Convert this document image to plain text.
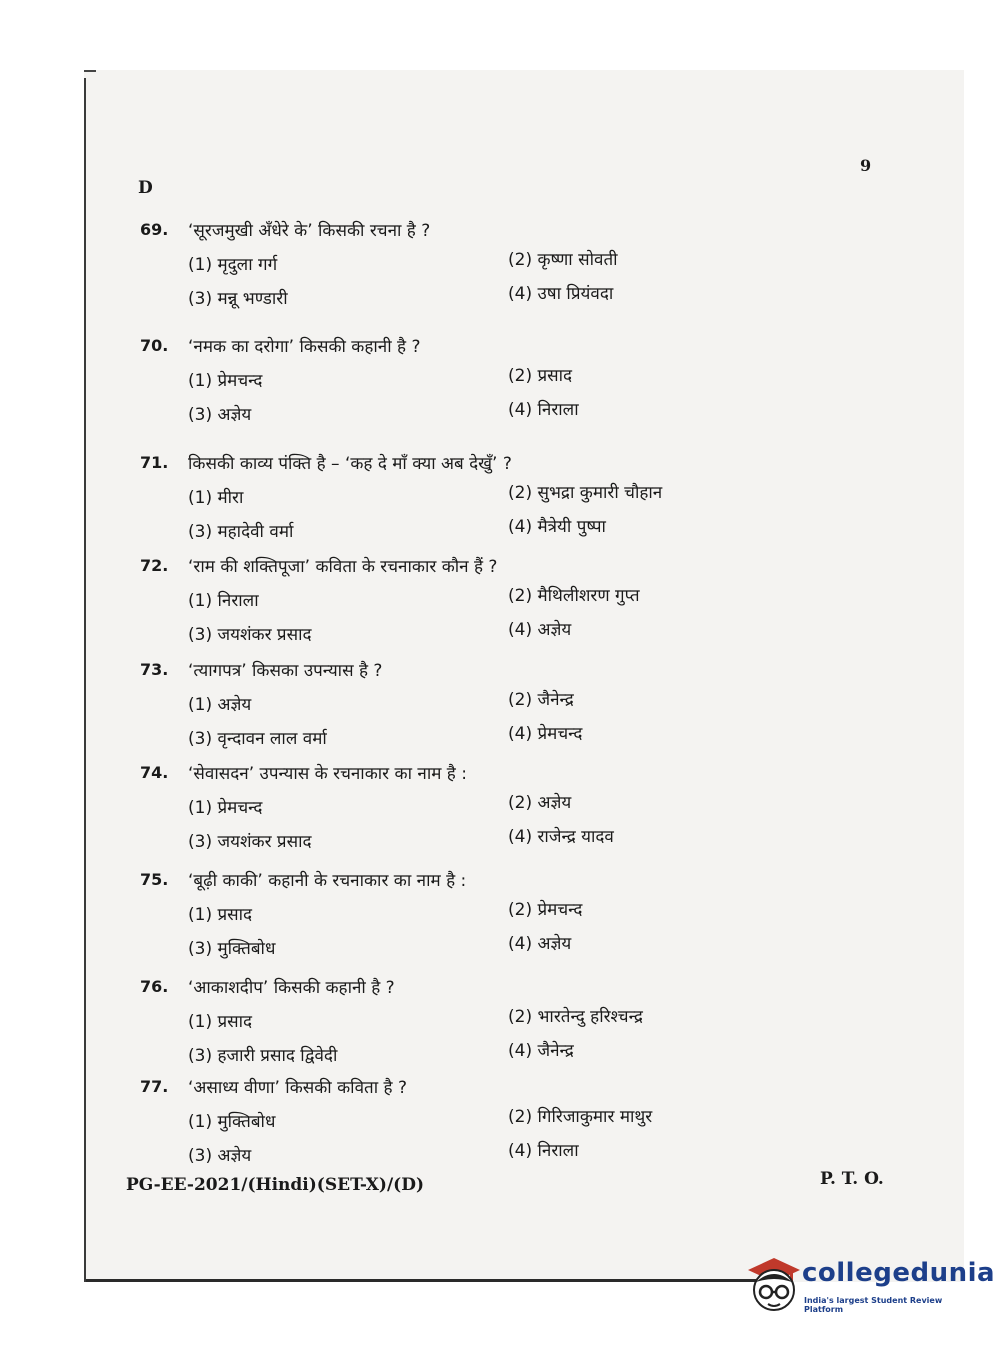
9
D
69. ‘सूरजमुखी अँधेरे के’ किसकी रचना है ?
(1) मृदुला गर्ग	(2) कृष्णा सोवती
(3) मन्नू भण्डारी	(4) उषा प्रियंवदा
70. ‘नमक का दरोगा’ किसकी कहानी है ?
(1) प्रेमचन्द	(2) प्रसाद
(3) अज्ञेय	(4) निराला
71. किसकी काव्य पंक्ति है – ‘कह दे माँ क्या अब देखुँ’ ?
(1) मीरा	(2) सुभद्रा कुमारी चौहान
(3) महादेवी वर्मा	(4) मैत्रेयी पुष्पा
72. ‘राम की शक्तिपूजा’ कविता के रचनाकार कौन हैं ?
(1) निराला	(2) मैथिलीशरण गुप्त
(3) जयशंकर प्रसाद	(4) अज्ञेय
73. ‘त्यागपत्र’ किसका उपन्यास है ?
(1) अज्ञेय	(2) जैनेन्द्र
(3) वृन्दावन लाल वर्मा	(4) प्रेमचन्द
74. ‘सेवासदन’ उपन्यास के रचनाकार का नाम है :
(1) प्रेमचन्द	(2) अज्ञेय
(3) जयशंकर प्रसाद	(4) राजेन्द्र यादव
75. ‘बूढ़ी काकी’ कहानी के रचनाकार का नाम है :
(1) प्रसाद	(2) प्रेमचन्द
(3) मुक्तिबोध	(4) अज्ञेय
76. ‘आकाशदीप’ किसकी कहानी है ?
(1) प्रसाद	(2) भारतेन्दु हरिश्चन्द्र
(3) हजारी प्रसाद द्विवेदी	(4) जैनेन्द्र
77. ‘असाध्य वीणा’ किसकी कविता है ?
(1) मुक्तिबोध	(2) गिरिजाकुमार माथुर
(3) अज्ञेय	(4) निराला
PG-EE-2021/(Hindi)(SET-X)/(D)	P. T. O.
collegedunia
India's largest Student Review Platform
